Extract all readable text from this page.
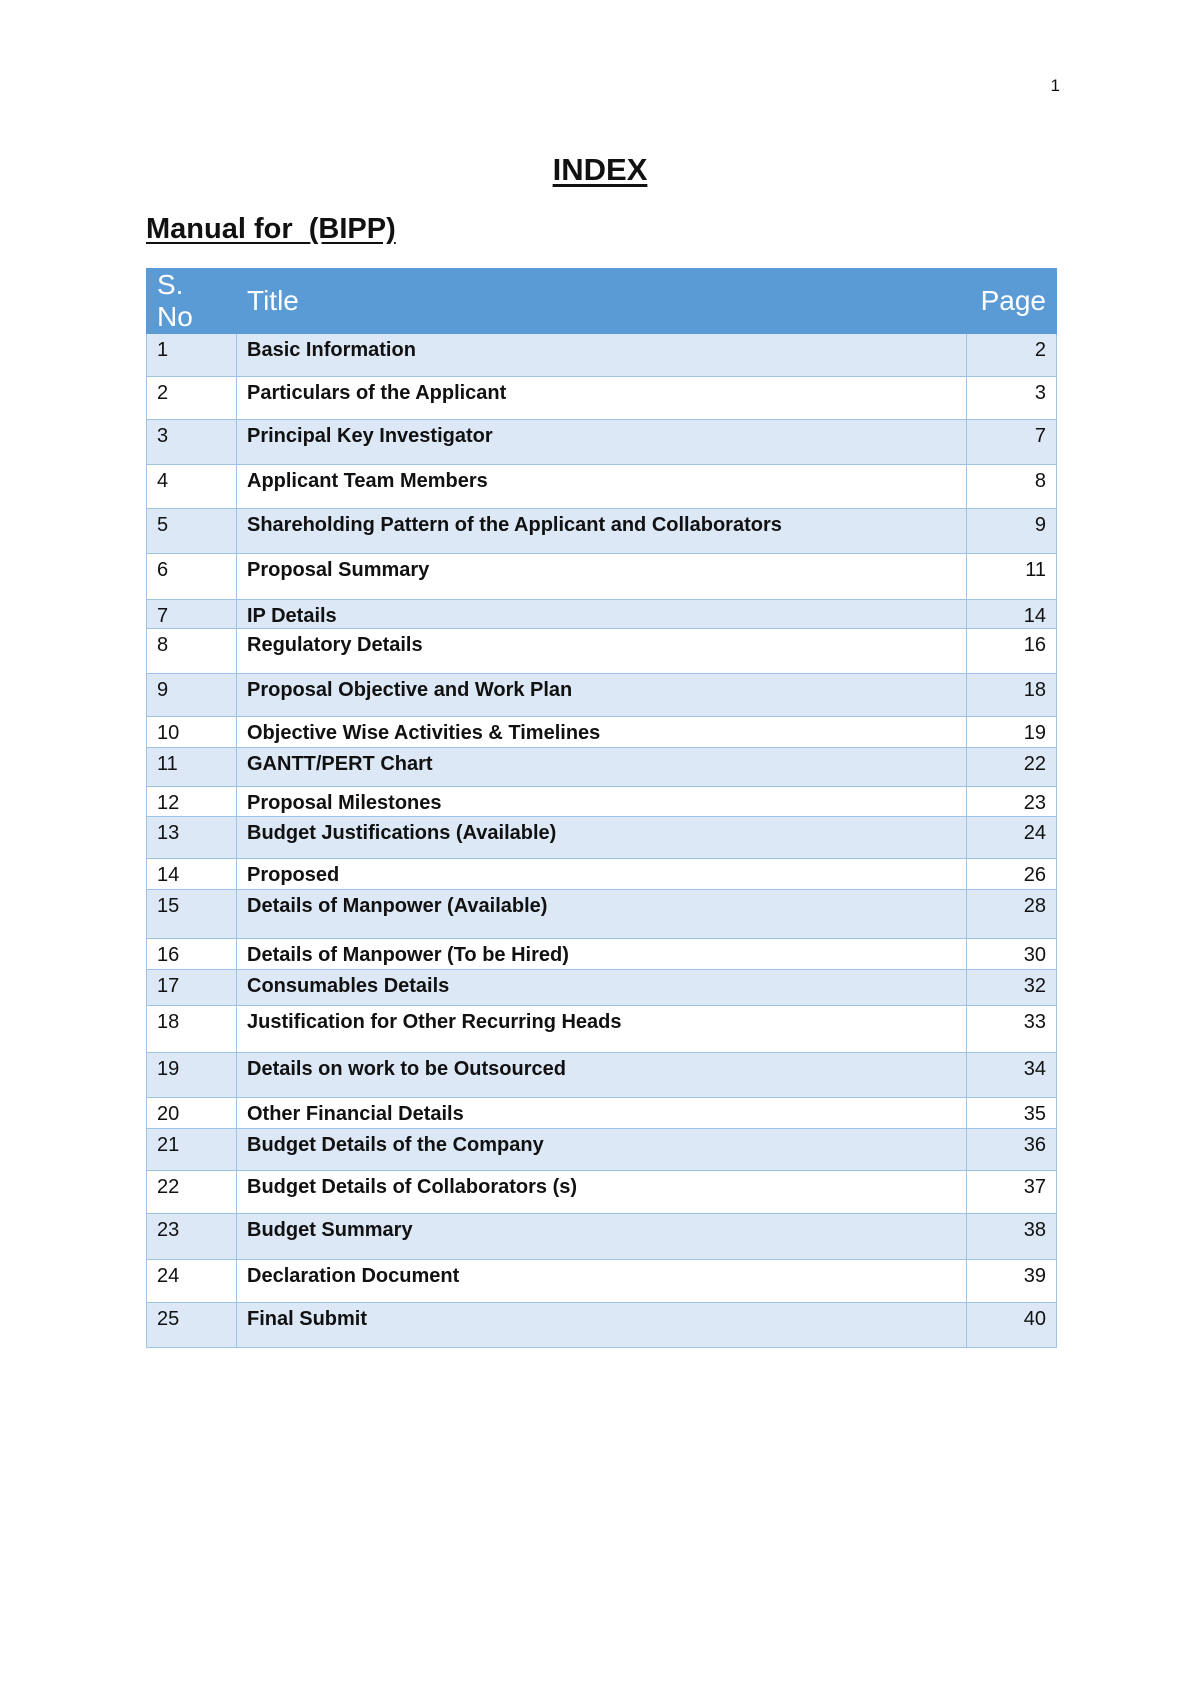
1
INDEX
Manual for  (BIPP)
S. No	Title	Page
1	Basic Information	2
2	Particulars of the Applicant	3
3	Principal Key Investigator	7
4	Applicant Team Members	8
5	Shareholding Pattern of the Applicant and Collaborators	9
6	Proposal Summary	11
7	IP Details	14
8	Regulatory Details	16
9	Proposal Objective and Work Plan	18
10	Objective Wise Activities & Timelines	19
11	GANTT/PERT Chart	22
12	Proposal Milestones	23
13	Budget Justifications (Available)	24
14	Proposed	26
15	Details of Manpower (Available)	28
16	Details of Manpower (To be Hired)	30
17	Consumables Details	32
18	Justification for Other Recurring Heads	33
19	Details on work to be Outsourced	34
20	Other Financial Details	35
21	Budget Details of the Company	36
22	Budget Details of Collaborators (s)	37
23	Budget Summary	38
24	Declaration Document	39
25	Final Submit	40
